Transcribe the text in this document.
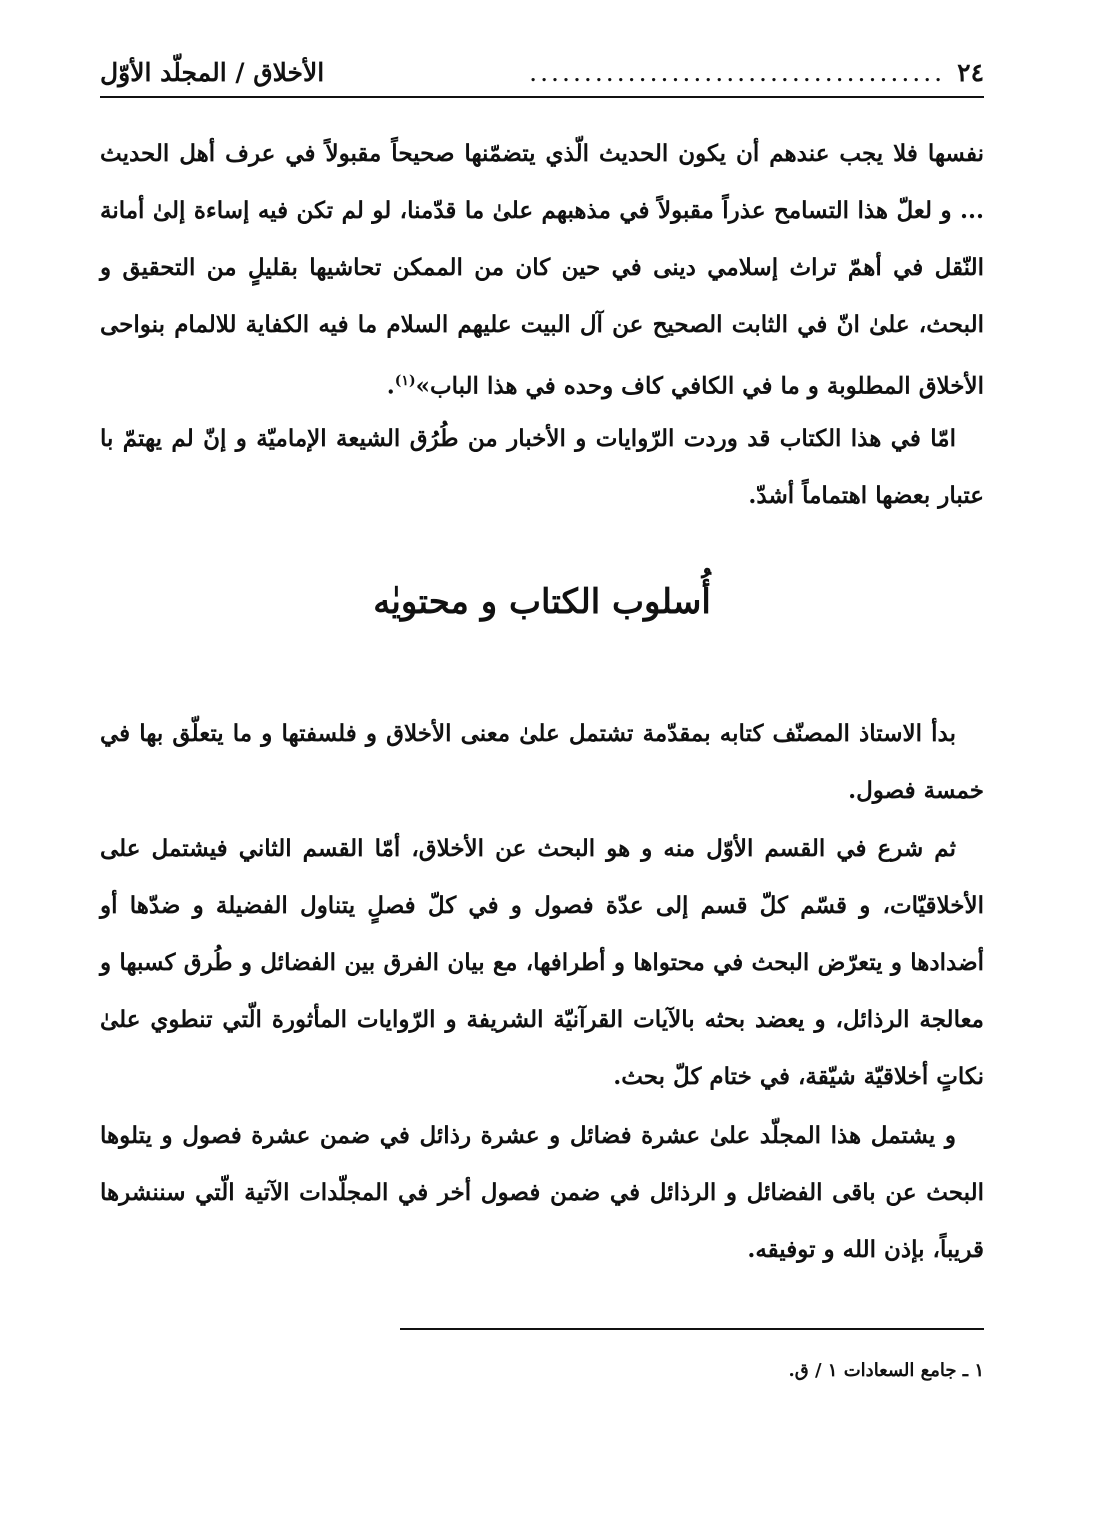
٢٤
......................................
الأخلاق / المجلّد الأوّل

نفسها فلا يجب عندهم أن يكون الحديث الّذي يتضمّنها صحيحاً مقبولاً في عرف أهل الحديث ... و لعلّ هذا التسامح عذراً مقبولاً في مذهبهم علىٰ ما قدّمنا، لو لم تكن فيه إساءة إلىٰ أمانة النّقل في أهمّ تراث إسلامي دينى في حين كان من الممكن تحاشيها بقليلٍ من التحقيق و البحث، علىٰ انّ في الثابت الصحيح عن آل البيت عليهم السلام ما فيه الكفاية للالمام بنواحى الأخلاق المطلوبة و ما في الكافي كاف وحده في هذا الباب»$^{(١)}$.

امّا في هذا الكتاب قد وردت الرّوايات و الأخبار من طُرُق الشيعة الإماميّة و إنّ لم يهتمّ با عتبار بعضها اهتماماً أشدّ.

أُسلوب الكتاب و محتويٰه

بدأ الاستاذ المصنّف كتابه بمقدّمة تشتمل علىٰ معنى الأخلاق و فلسفتها و ما يتعلّق بها في خمسة فصول.

ثم شرع في القسم الأوّل منه و هو البحث عن الأخلاق، أمّا القسم الثاني فيشتمل على الأخلاقيّات، و قسّم كلّ قسم إلى عدّة فصول و في كلّ فصلٍ يتناول الفضيلة و ضدّها أو أضدادها و يتعرّض البحث في محتواها و أطرافها، مع بيان الفرق بين الفضائل و طُرق كسبها و معالجة الرذائل، و يعضد بحثه بالآيات القرآنيّة الشريفة و الرّوايات المأثورة الّتي تنطوي علىٰ نكاتٍ أخلاقيّة شيّقة، في ختام كلّ بحث.

و يشتمل هذا المجلّد علىٰ عشرة فضائل و عشرة رذائل في ضمن عشرة فصول و يتلوها البحث عن باقى الفضائل و الرذائل في ضمن فصول أخر في المجلّدات الآتية الّتي سننشرها قريباً، بإذن الله و توفيقه.

١ ـ جامع السعادات ١ / ق.
